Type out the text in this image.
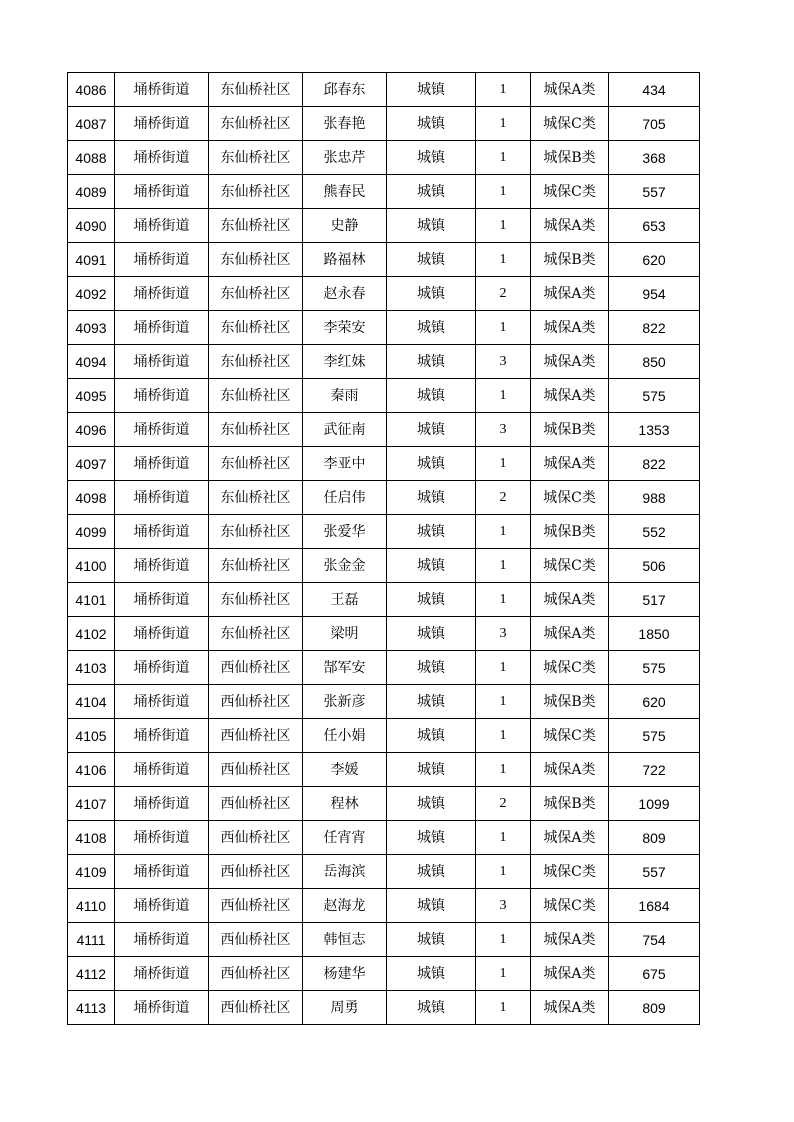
4086	埇桥街道	东仙桥社区	邱春东	城镇	1	城保A类	434
4087	埇桥街道	东仙桥社区	张春艳	城镇	1	城保C类	705
4088	埇桥街道	东仙桥社区	张忠芹	城镇	1	城保B类	368
4089	埇桥街道	东仙桥社区	熊春民	城镇	1	城保C类	557
4090	埇桥街道	东仙桥社区	史静	城镇	1	城保A类	653
4091	埇桥街道	东仙桥社区	路福林	城镇	1	城保B类	620
4092	埇桥街道	东仙桥社区	赵永春	城镇	2	城保A类	954
4093	埇桥街道	东仙桥社区	李荣安	城镇	1	城保A类	822
4094	埇桥街道	东仙桥社区	李红妹	城镇	3	城保A类	850
4095	埇桥街道	东仙桥社区	秦雨	城镇	1	城保A类	575
4096	埇桥街道	东仙桥社区	武征南	城镇	3	城保B类	1353
4097	埇桥街道	东仙桥社区	李亚中	城镇	1	城保A类	822
4098	埇桥街道	东仙桥社区	任启伟	城镇	2	城保C类	988
4099	埇桥街道	东仙桥社区	张爱华	城镇	1	城保B类	552
4100	埇桥街道	东仙桥社区	张金金	城镇	1	城保C类	506
4101	埇桥街道	东仙桥社区	王磊	城镇	1	城保A类	517
4102	埇桥街道	东仙桥社区	梁明	城镇	3	城保A类	1850
4103	埇桥街道	西仙桥社区	郜军安	城镇	1	城保C类	575
4104	埇桥街道	西仙桥社区	张新彦	城镇	1	城保B类	620
4105	埇桥街道	西仙桥社区	任小娟	城镇	1	城保C类	575
4106	埇桥街道	西仙桥社区	李媛	城镇	1	城保A类	722
4107	埇桥街道	西仙桥社区	程林	城镇	2	城保B类	1099
4108	埇桥街道	西仙桥社区	任宵宵	城镇	1	城保A类	809
4109	埇桥街道	西仙桥社区	岳海滨	城镇	1	城保C类	557
4110	埇桥街道	西仙桥社区	赵海龙	城镇	3	城保C类	1684
4111	埇桥街道	西仙桥社区	韩恒志	城镇	1	城保A类	754
4112	埇桥街道	西仙桥社区	杨建华	城镇	1	城保A类	675
4113	埇桥街道	西仙桥社区	周勇	城镇	1	城保A类	809
